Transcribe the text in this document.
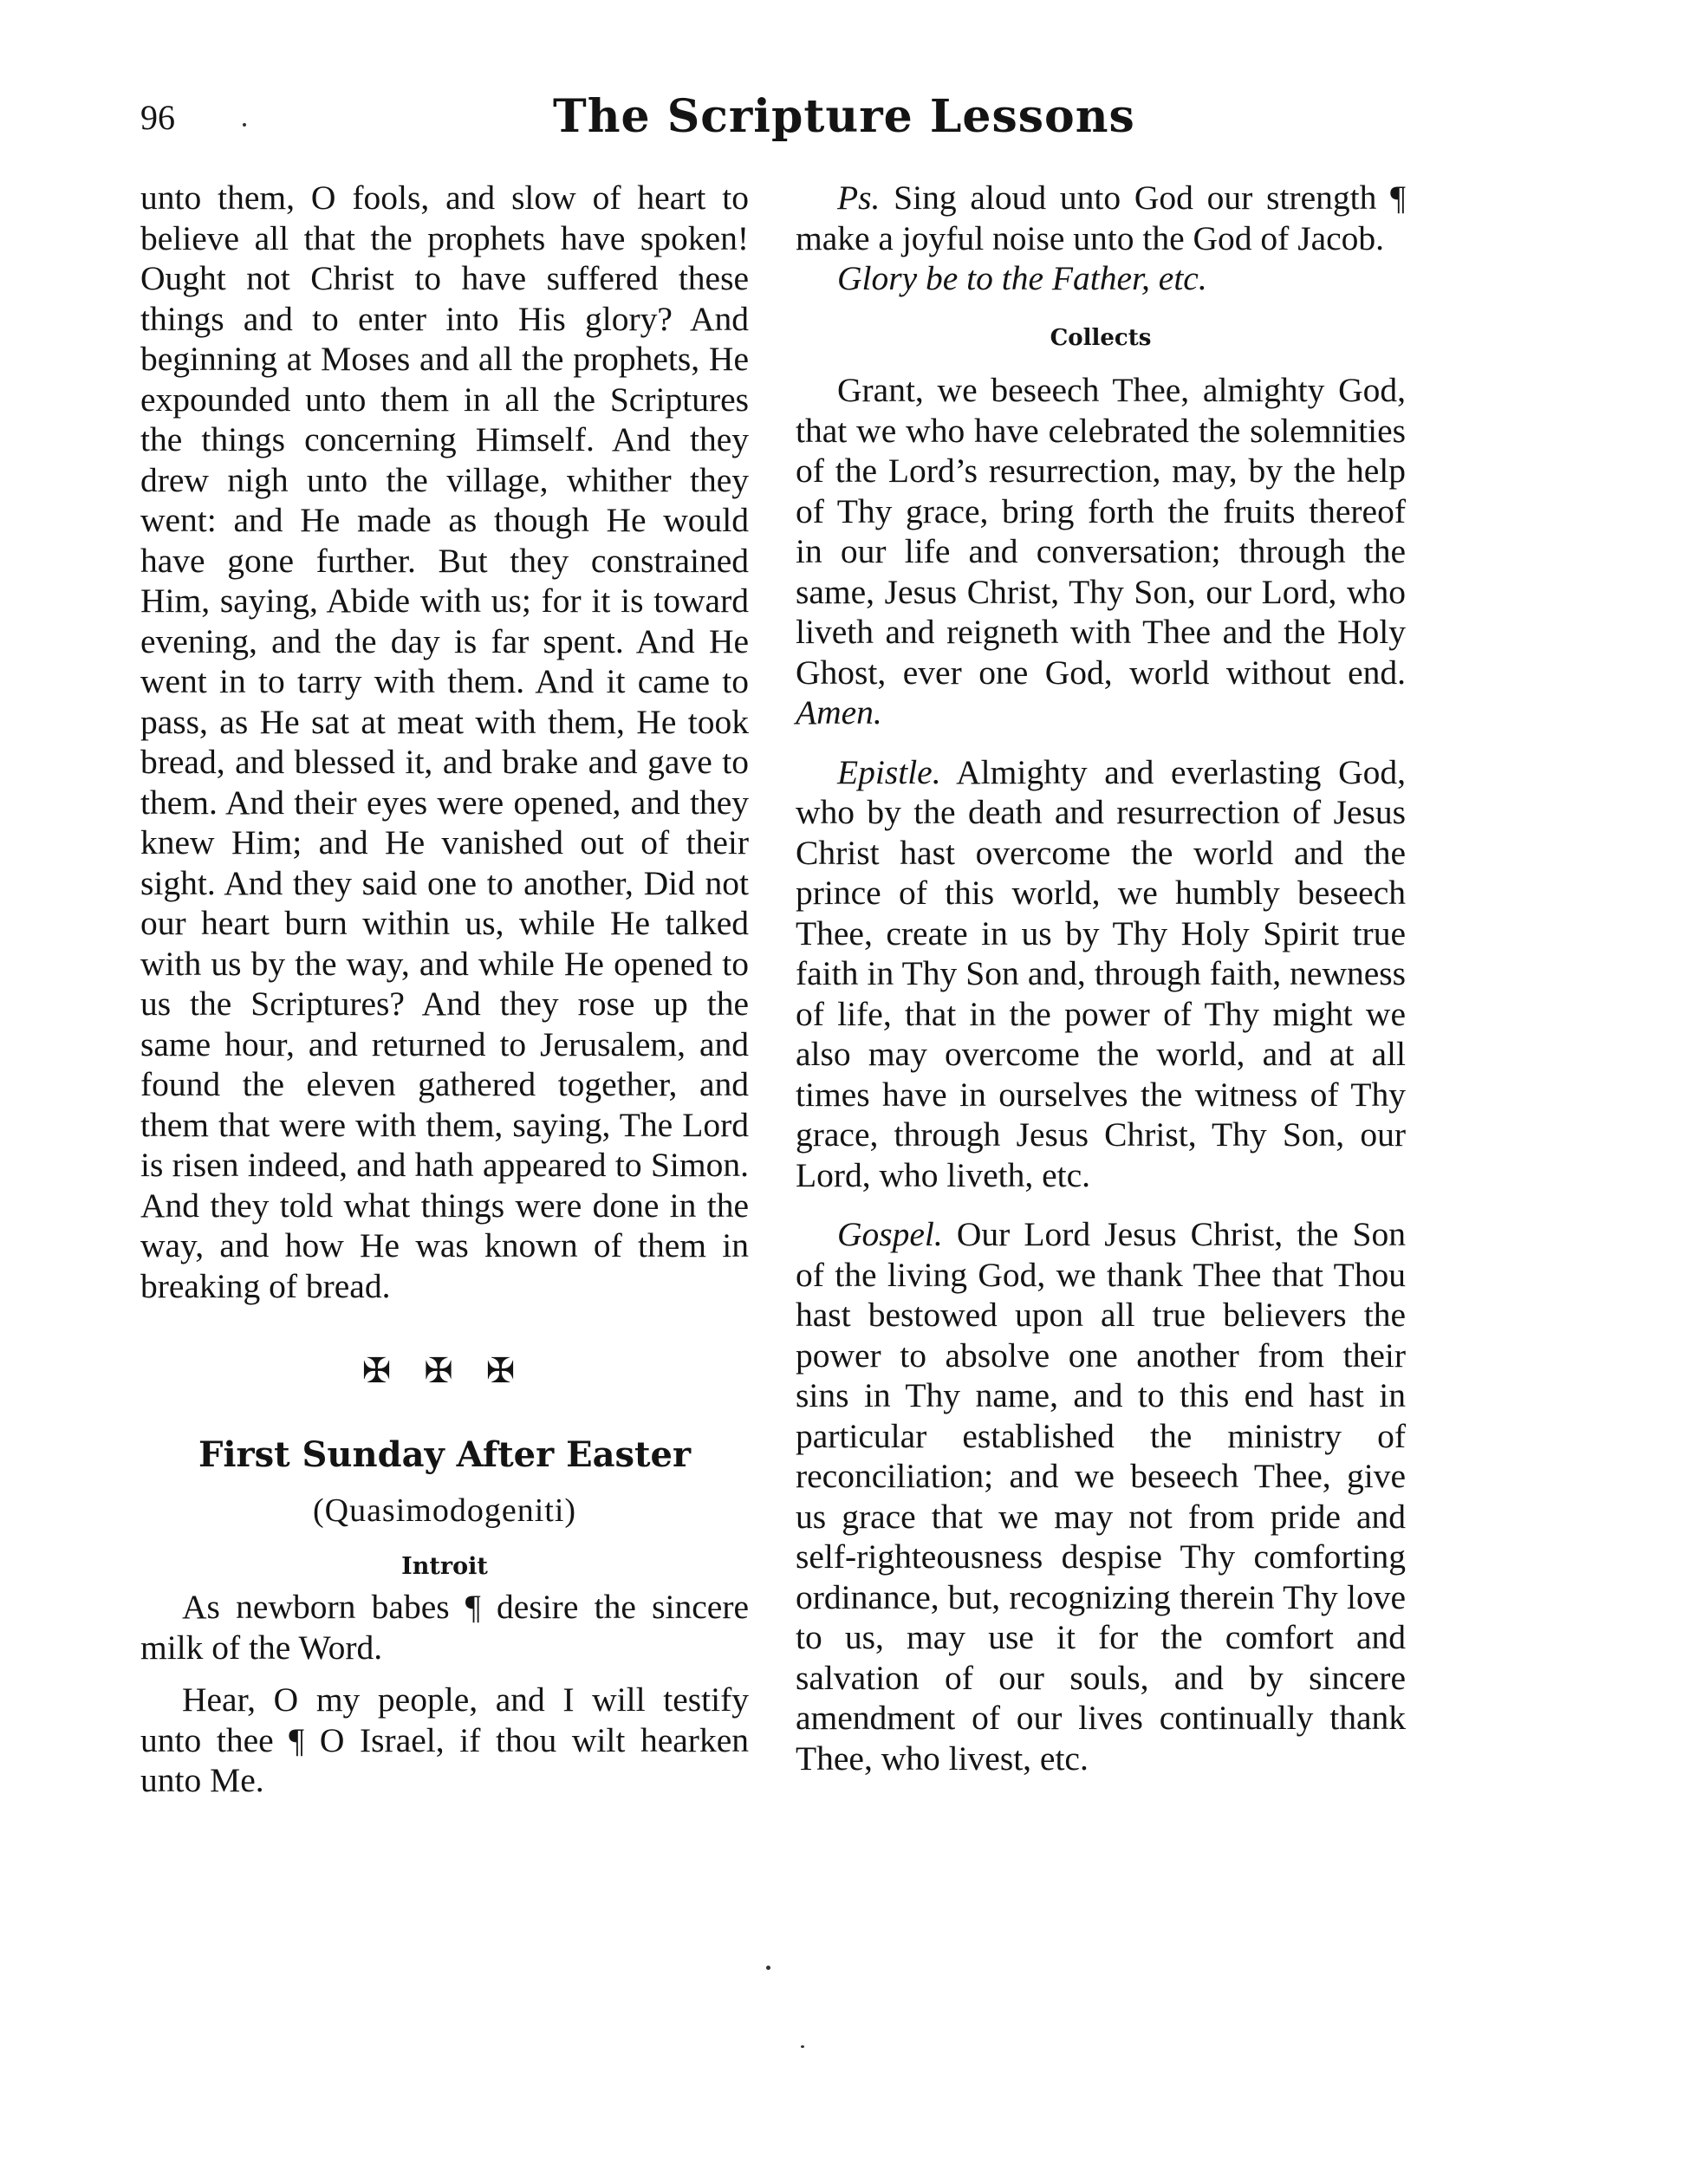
96	The Scripture Lessons

unto them, O fools, and slow of heart to believe all that the prophets have spoken! Ought not Christ to have suffered these things and to enter into His glory? And beginning at Moses and all the prophets, He expounded unto them in all the Scriptures the things concerning Himself. And they drew nigh unto the village, whither they went: and He made as though He would have gone further. But they constrained Him, saying, Abide with us; for it is toward evening, and the day is far spent. And He went in to tarry with them. And it came to pass, as He sat at meat with them, He took bread, and blessed it, and brake and gave to them. And their eyes were opened, and they knew Him; and He vanished out of their sight. And they said one to another, Did not our heart burn within us, while He talked with us by the way, and while He opened to us the Scriptures? And they rose up the same hour, and returned to Jerusalem, and found the eleven gathered together, and them that were with them, saying, The Lord is risen indeed, and hath appeared to Simon. And they told what things were done in the way, and how He was known of them in breaking of bread.

✠ ✠ ✠
First Sunday After Easter
(Quasimodogeniti)
Introit

As newborn babes ¶ desire the sincere milk of the Word.

Hear, O my people, and I will testify unto thee ¶ O Israel, if thou wilt hearken unto Me.

Ps. Sing aloud unto God our strength ¶ make a joyful noise unto the God of Jacob.

Glory be to the Father, etc.

Collects

Grant, we beseech Thee, almighty God, that we who have celebrated the solemnities of the Lord’s resurrection, may, by the help of Thy grace, bring forth the fruits thereof in our life and conversation; through the same, Jesus Christ, Thy Son, our Lord, who liveth and reigneth with Thee and the Holy Ghost, ever one God, world without end. Amen.

Epistle. Almighty and everlasting God, who by the death and resurrection of Jesus Christ hast overcome the world and the prince of this world, we humbly beseech Thee, create in us by Thy Holy Spirit true faith in Thy Son and, through faith, newness of life, that in the power of Thy might we also may overcome the world, and at all times have in ourselves the witness of Thy grace, through Jesus Christ, Thy Son, our Lord, who liveth, etc.

Gospel. Our Lord Jesus Christ, the Son of the living God, we thank Thee that Thou hast bestowed upon all true believers the power to absolve one another from their sins in Thy name, and to this end hast in particular established the ministry of reconciliation; and we beseech Thee, give us grace that we may not from pride and self-righteousness despise Thy comforting ordinance, but, recognizing therein Thy love to us, may use it for the comfort and salvation of our souls, and by sincere amendment of our lives continually thank Thee, who livest, etc.
